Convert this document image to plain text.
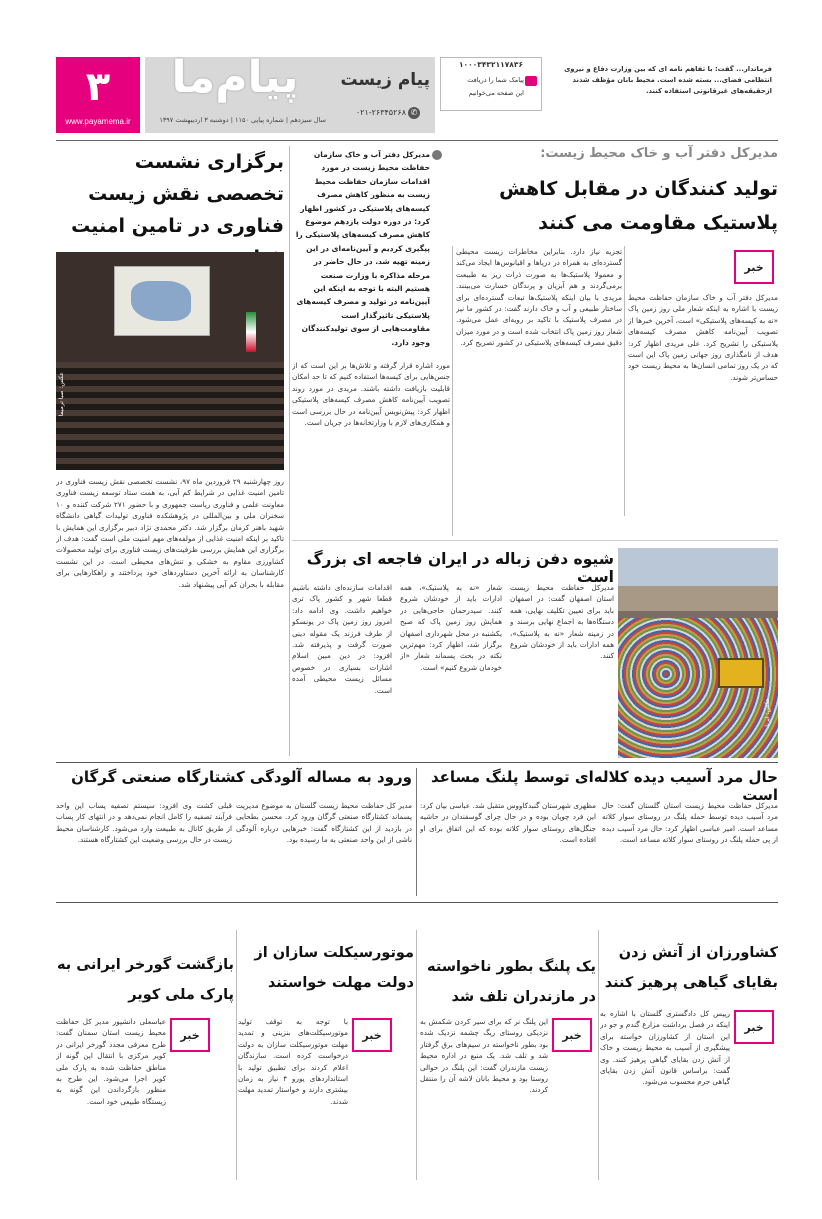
۳
www.payamema.ir
پیام‌ما
سال سیزدهم | شماره پیاپی ۱۱۵۰ | دوشنبه ۳ اردیبهشت ۱۳۹۷
پیام زیست
✆
۰۲۱-۲۶۳۴۵۲۶۸
۱۰۰۰۳۴۳۲۱۱۷۸۳۶
پیامک شما را دریافت
این صفحه می‌خوانیم
فرماندار... گفت: با تفاهم نامه ای که بین وزارت دفاع و نیروی انتظامی فضای... بسته شده است. محیط بانان مؤظف شدند ازحقیقه‌های غیرقانونی استفاده کنند.
مدیرکل دفتر آب و خاک محیط زیست:
تولید کنندگان در مقابل کاهش پلاستیک مقاومت می کنند
خبر
مدیرکل دفتر آب و خاک سازمان حفاظت محیط زیست با اشاره به اینکه شعار ملی روز زمین پاک «نه به کیسه‌های پلاستیکی» است، آخرین خبرها از تصویب آیین‌نامه کاهش مصرف کیسه‌های پلاستیکی را تشریح کرد. علی مریدی اظهار کرد: هدف از نامگذاری روز جهانی زمین پاک این است که در یک روز تمامی انسان‌ها به محیط زیست خود حساس‌تر شوند.
تجزیه نیاز دارد. بنابراین مخاطرات زیست محیطی گسترده‌ای به همراه در دریاها و اقیانوس‌ها ایجاد می‌کند و معمولا پلاستیک‌ها به صورت ذرات ریز به طبیعت برمی‌گردند و هم آبزیان و پرندگان خسارت می‌بینند. مریدی با بیان اینکه پلاستیک‌ها تبعات گسترده‌ای برای ساختار طبیعی و آب و خاک دارند گفت: در کشور ما نیز در مصرف پلاستیک با تاکید بر رویه‌ای عمل می‌شود. شعار روز زمین پاک انتخاب شده است و در مورد میزان دقیق مصرف کیسه‌های پلاستیکی در کشور تصریح کرد.
مدیرکل دفتر آب و خاک سازمان حفاظت محیط زیست در مورد اقدامات سازمان حفاظت محیط زیست به منظور کاهش مصرف کیسه‌های پلاستیکی در کشور اظهار کرد: در دوره دولت یازدهم موضوع کاهش مصرف کیسه‌های پلاستیکی را پیگیری کردیم و آیین‌نامه‌ای در این زمینه تهیه شد. در حال حاضر در مرحله مذاکره با وزارت صنعت هستیم البته با توجه به اینکه این آیین‌نامه در تولید و مصرف کیسه‌های پلاستیکی تاثیرگذار است مقاومت‌هایی از سوی تولیدکنندگان وجود دارد.
مورد اشاره قرار گرفته و تلاش‌ها بر این است که از جنس‌هایی برای کیسه‌ها استفاده کنیم که تا حد امکان قابلیت بازیافت داشته باشند. مریدی در مورد روند تصویب آیین‌نامه کاهش مصرف کیسه‌های پلاستیکی اظهار کرد: پیش‌نویس آیین‌نامه در حال بررسی است و همکاری‌های لازم با وزارتخانه‌ها در جریان است.
برگزاری نشست تخصصی نقش زیست فناوری در تامین امنیت
عکس: صبا ترمیما
روز چهارشنبه ۲۹ فروردین ماه ۹۷، نشست تخصصی نقش زیست فناوری در تامین امنیت غذایی در شرایط کم آبی، به همت ستاد توسعه زیست فناوری معاونت علمی و فناوری ریاست جمهوری و با حضور ۲۷۱ شرکت کننده و ۱۰ سخنران ملی و بین‌المللی در پژوهشکده فناوری تولیدات گیاهی دانشگاه شهید باهنر کرمان برگزار شد. دکتر محمدی نژاد دبیر برگزاری این همایش با تاکید بر اینکه امنیت غذایی از مولفه‌های مهم امنیت ملی است گفت: هدف از برگزاری این همایش بررسی ظرفیت‌های زیست فناوری برای تولید محصولات کشاورزی مقاوم به خشکی و تنش‌های محیطی است. در این نشست کارشناسان به ارائه آخرین دستاوردهای خود پرداختند و راهکارهایی برای مقابله با بحران کم آبی پیشنهاد شد.
شیوه دفن زباله در ایران فاجعه ای بزرگ است
عکس: ایرنا
اقدامات سازنده‌ای داشته باشیم قطعا شهر و کشور پاک تری خواهیم داشت. وی ادامه داد: امروز روز زمین پاک در یونسکو از طرف فرزند یک مقوله دینی صورت گرفت و پذیرفته شد. افزود: در دین مبین اسلام اشارات بسیاری در خصوص مسائل زیست محیطی آمده است.
شعار «نه به پلاستیک»، همه ادارات باید از خودشان شروع کنند. سیدرحمان حاجی‌هایی در همایش روز زمین پاک که صبح یکشنبه در محل شهرداری اصفهان برگزار شد، اظهار کرد: مهم‌ترین نکته در بحث پسماند شعار «از خودمان شروع کنیم» است.
مدیرکل حفاظت محیط زیست استان اصفهان گفت: در اصفهان باید برای تعیین تکلیف نهایی، همه دستگاه‌ها به اجماع نهایی برسند و در زمینه شعار «نه به پلاستیک»، همه ادارات باید از خودشان شروع کنند.
حال مرد آسیب دیده کلاله‌ای توسط پلنگ مساعد است
مدیرکل حفاظت محیط زیست استان گلستان گفت: حال مرد آسیب دیده توسط حمله پلنگ در روستای سوار کلاته مساعد است. امیر عباسی اظهار کرد: حال مرد آسیب دیده از پی حمله پلنگ در روستای سوار کلاته مساعد است.
مظهری شهرستان گنبدکاووس متقبل شد. عباسی بیان کرد: این فرد چوپان بوده و در حال چرای گوسفندان در حاشیه جنگل‌های روستای سوار کلاته بوده که این اتفاق برای او افتاده است.
ورود به مساله آلودگی کشتارگاه صنعتی گرگان
مدیر کل حفاظت محیط زیست گلستان به موضوع مدیریت پسماند کشتارگاه صنعتی گرگان ورود کرد. محسن بطحایی در بازدید از این کشتارگاه گفت: خبرهایی درباره آلودگی ناشی از این واحد صنعتی به ما رسیده بود.
قبلی کشت وی افزود: سیستم تصفیه پساب این واحد فرآیند تصفیه را کامل انجام نمی‌دهد و در انتهای کار پساب از طریق کانال به طبیعت وارد می‌شود. کارشناسان محیط زیست در حال بررسی وضعیت این کشتارگاه هستند.
کشاورزان از آتش زدن بقایای گیاهی پرهیز کنند
خبر
رییس کل دادگستری گلستان با اشاره به اینکه در فصل برداشت مزارع گندم و جو در این استان از کشاورزان خواسته برای پیشگیری از آسیب به محیط زیست و خاک از آتش زدن بقایای گیاهی پرهیز کنند. وی گفت: براساس قانون آتش زدن بقایای گیاهی جرم محسوب می‌شود.
یک پلنگ بطور ناخواسته در مازندران تلف شد
خبر
این پلنگ نر که برای سیر کردن شکمش به نزدیکی روستای ریگ چشمه نزدیک شده بود بطور ناخواسته در سیم‌های برق گرفتار شد و تلف شد. یک منبع در اداره محیط زیست مازندران گفت: این پلنگ در حوالی روستا بود و محیط بانان لاشه آن را منتقل کردند.
موتورسیکلت سازان از دولت مهلت خواستند
خبر
با توجه به توقف تولید موتورسیکلت‌های بنزینی و تمدید مهلت موتورسیکلت سازان به دولت درخواست کرده است. سازندگان اعلام کردند برای تطبیق تولید با استانداردهای یورو ۴ نیاز به زمان بیشتری دارند و خواستار تمدید مهلت شدند.
بازگشت گورخر ایرانی به پارک ملی کویر
خبر
عباسعلی دانشپور مدیر کل حفاظت محیط زیست استان سمنان گفت: طرح معرفی مجدد گورخر ایرانی در کویر مرکزی با انتقال این گونه از مناطق حفاظت شده به پارک ملی کویر اجرا می‌شود. این طرح به منظور بازگرداندن این گونه به زیستگاه طبیعی خود است.
